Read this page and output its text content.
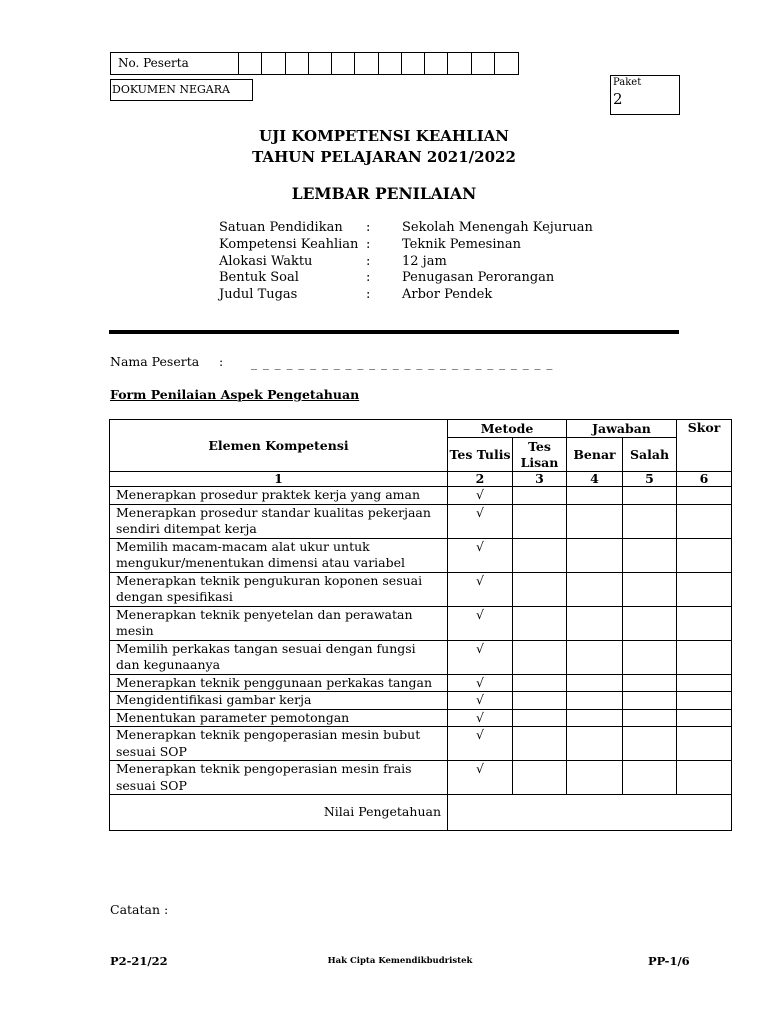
No. Peserta
DOKUMEN NEGARA
Paket
2
UJI KOMPETENSI KEAHLIAN
TAHUN PELAJARAN 2021/2022
LEMBAR PENILAIAN
Satuan Pendidikan : Sekolah Menengah Kejuruan
Kompetensi Keahlian : Teknik Pemesinan
Alokasi Waktu	: 12 jam
Bentuk Soal	: Penugasan Perorangan
Judul Tugas	: Arbor Pendek
Nama Peserta : _ _ _ _ _ _ _ _ _ _ _ _ _ _ _ _ _ _ _ _ _ _ _ _ _ _
Form Penilaian Aspek Pengetahuan
Elemen Kompetensi	Metode		Jawaban		Skor
	Tes Tulis	Tes Lisan	Benar	Salah	
1	2	3	4	5	6
Menerapkan prosedur praktek kerja yang aman	√				
Menerapkan prosedur standar kualitas pekerjaan sendiri ditempat kerja	√				
Memilih macam-macam alat ukur untuk mengukur/menentukan dimensi atau variabel	√				
Menerapkan teknik pengukuran koponen sesuai dengan spesifikasi	√				
Menerapkan teknik penyetelan dan perawatan mesin	√				
Memilih perkakas tangan sesuai dengan fungsi dan kegunaanya	√				
Menerapkan teknik penggunaan perkakas tangan	√				
Mengidentifikasi gambar kerja	√				
Menentukan parameter pemotongan	√				
Menerapkan teknik pengoperasian mesin bubut sesuai SOP	√				
Menerapkan teknik pengoperasian mesin frais sesuai SOP	√				
Nilai Pengetahuan					
Catatan :
P2-21/22	Hak Cipta Kemendikbudristek	PP-1/6
